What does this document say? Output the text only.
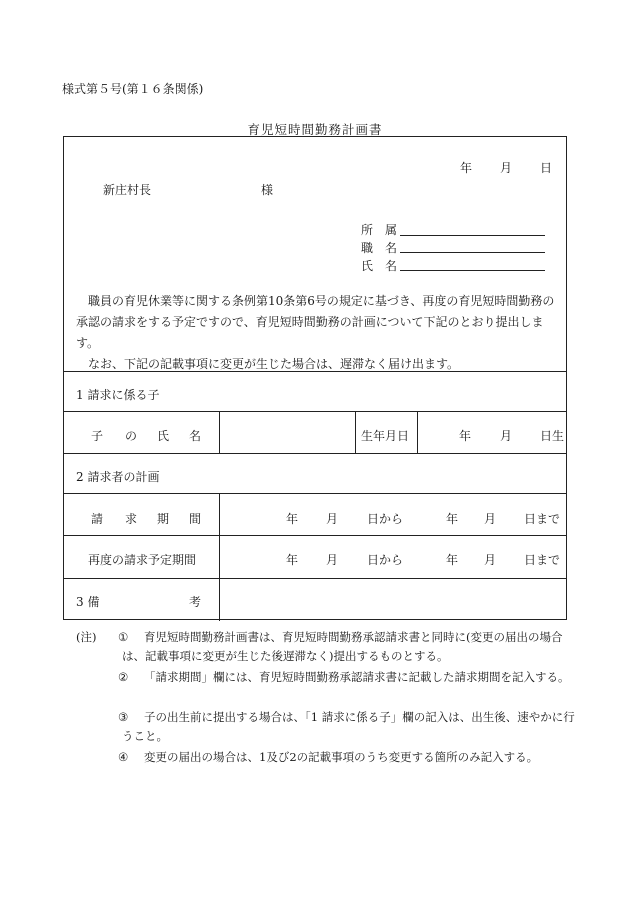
様式第５号(第１６条関係)
育児短時間勤務計画書
年 月 日
新庄村長	様
所 属
職 名
氏 名

職員の育児休業等に関する条例第10条第6号の規定に基づき、再度の育児短時間勤務の承認の請求をする予定ですので、育児短時間勤務の計画について下記のとおり提出します。

なお、下記の記載事項に変更が生じた場合は、遅滞なく届け出ます。

1 請求に係る子
子 の 氏 名	生年月日	年 月 日生
2 請求者の計画
請 求 期 間	年 月 日から	年 月 日まで
再度の請求予定期間	年 月 日から	年 月 日まで
3 備	考
(注) ①	育児短時間勤務計画書は、育児短時間勤務承認請求書と同時に(変更の届出の場合は、記載事項に変更が生じた後遅滞なく)提出するものとする。
②	「請求期間」欄には、育児短時間勤務承認請求書に記載した請求期間を記入する。
③	子の出生前に提出する場合は、「1 請求に係る子」欄の記入は、出生後、速やかに行うこと。
④	変更の届出の場合は、1及び2の記載事項のうち変更する箇所のみ記入する。
